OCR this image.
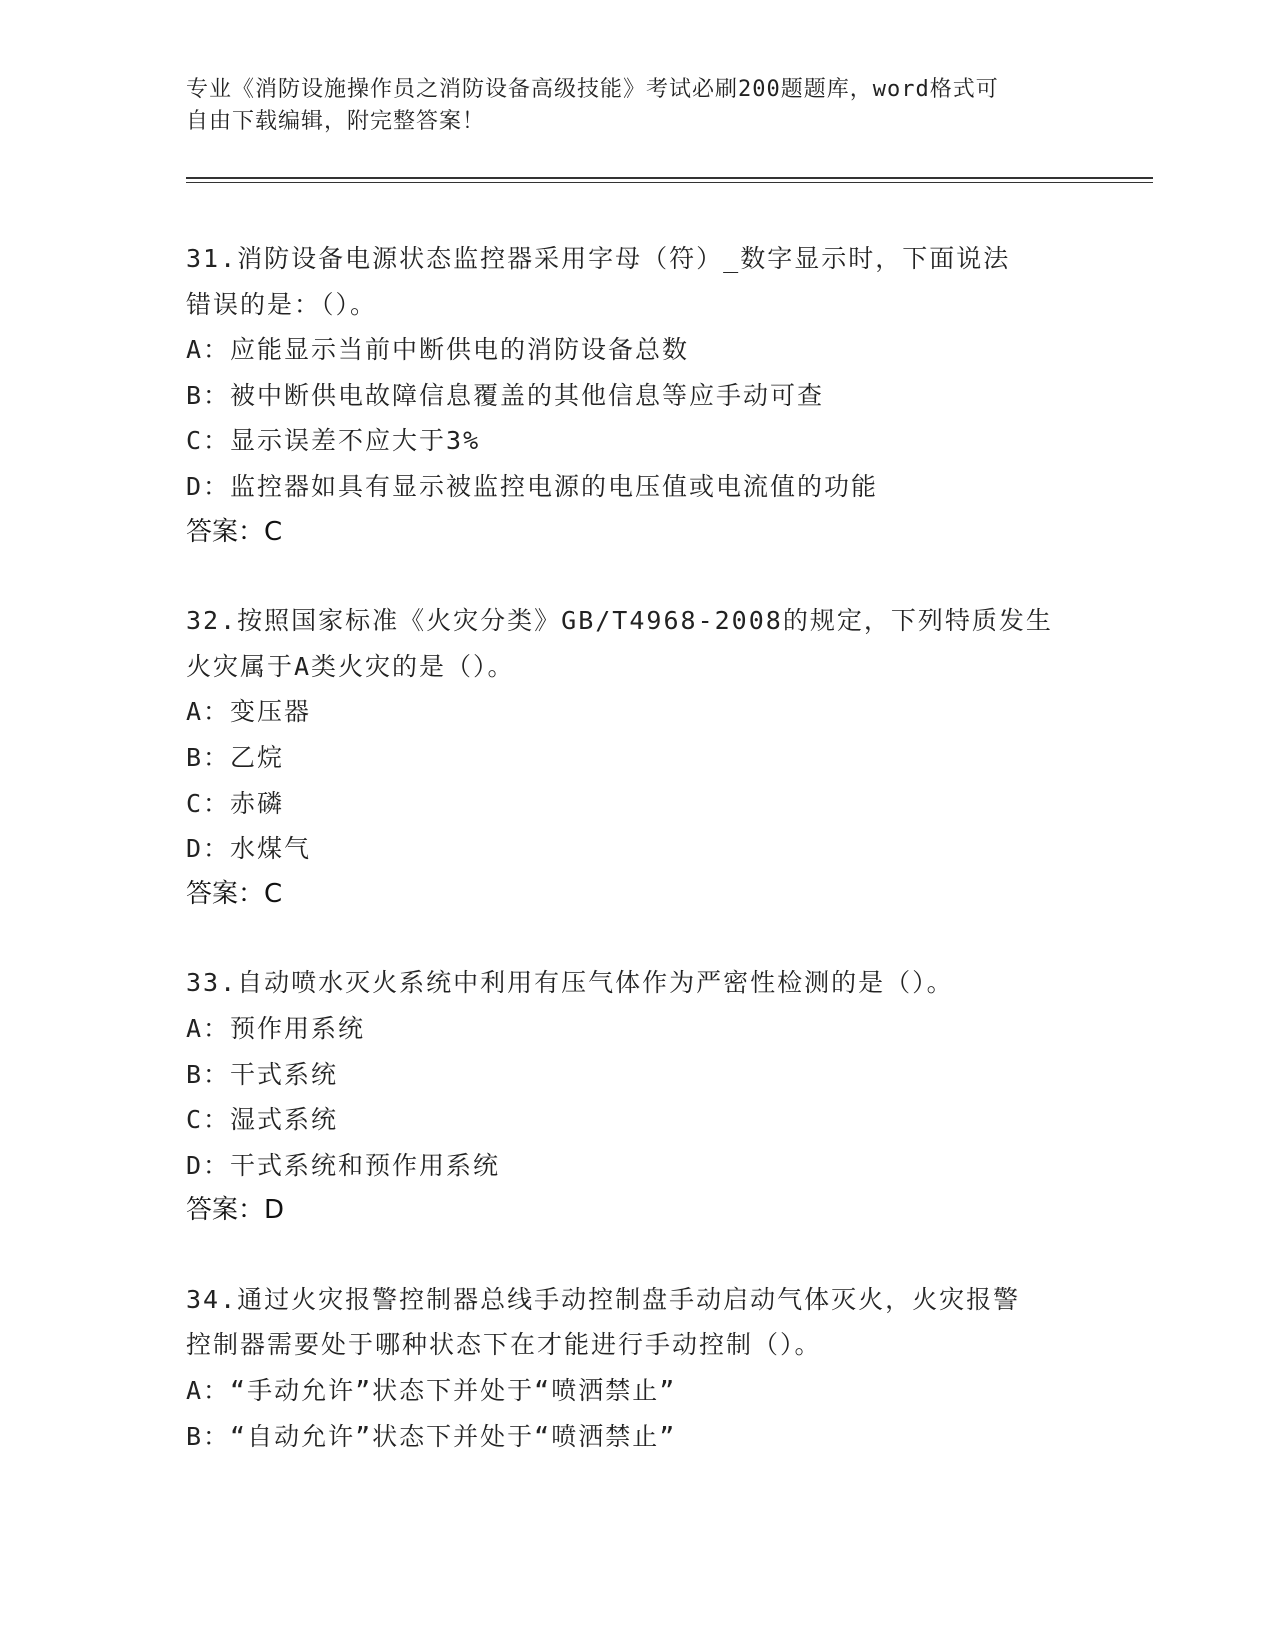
专业《消防设施操作员之消防设备高级技能》考试必刷200题题库，word格式可
自由下载编辑，附完整答案！
31.消防设备电源状态监控器采用字母（符）_数字显示时，下面说法
错误的是：（）。
A：应能显示当前中断供电的消防设备总数
B：被中断供电故障信息覆盖的其他信息等应手动可查
C：显示误差不应大于3%
D：监控器如具有显示被监控电源的电压值或电流值的功能
答案：C
32.按照国家标准《火灾分类》GB/T4968-2008的规定，下列特质发生
火灾属于A类火灾的是（）。
A：变压器
B：乙烷
C：赤磷
D：水煤气
答案：C
33.自动喷水灭火系统中利用有压气体作为严密性检测的是（）。
A：预作用系统
B：干式系统
C：湿式系统
D：干式系统和预作用系统
答案：D
34.通过火灾报警控制器总线手动控制盘手动启动气体灭火，火灾报警
控制器需要处于哪种状态下在才能进行手动控制（）。
A：“手动允许”状态下并处于“喷洒禁止”
B：“自动允许”状态下并处于“喷洒禁止”
